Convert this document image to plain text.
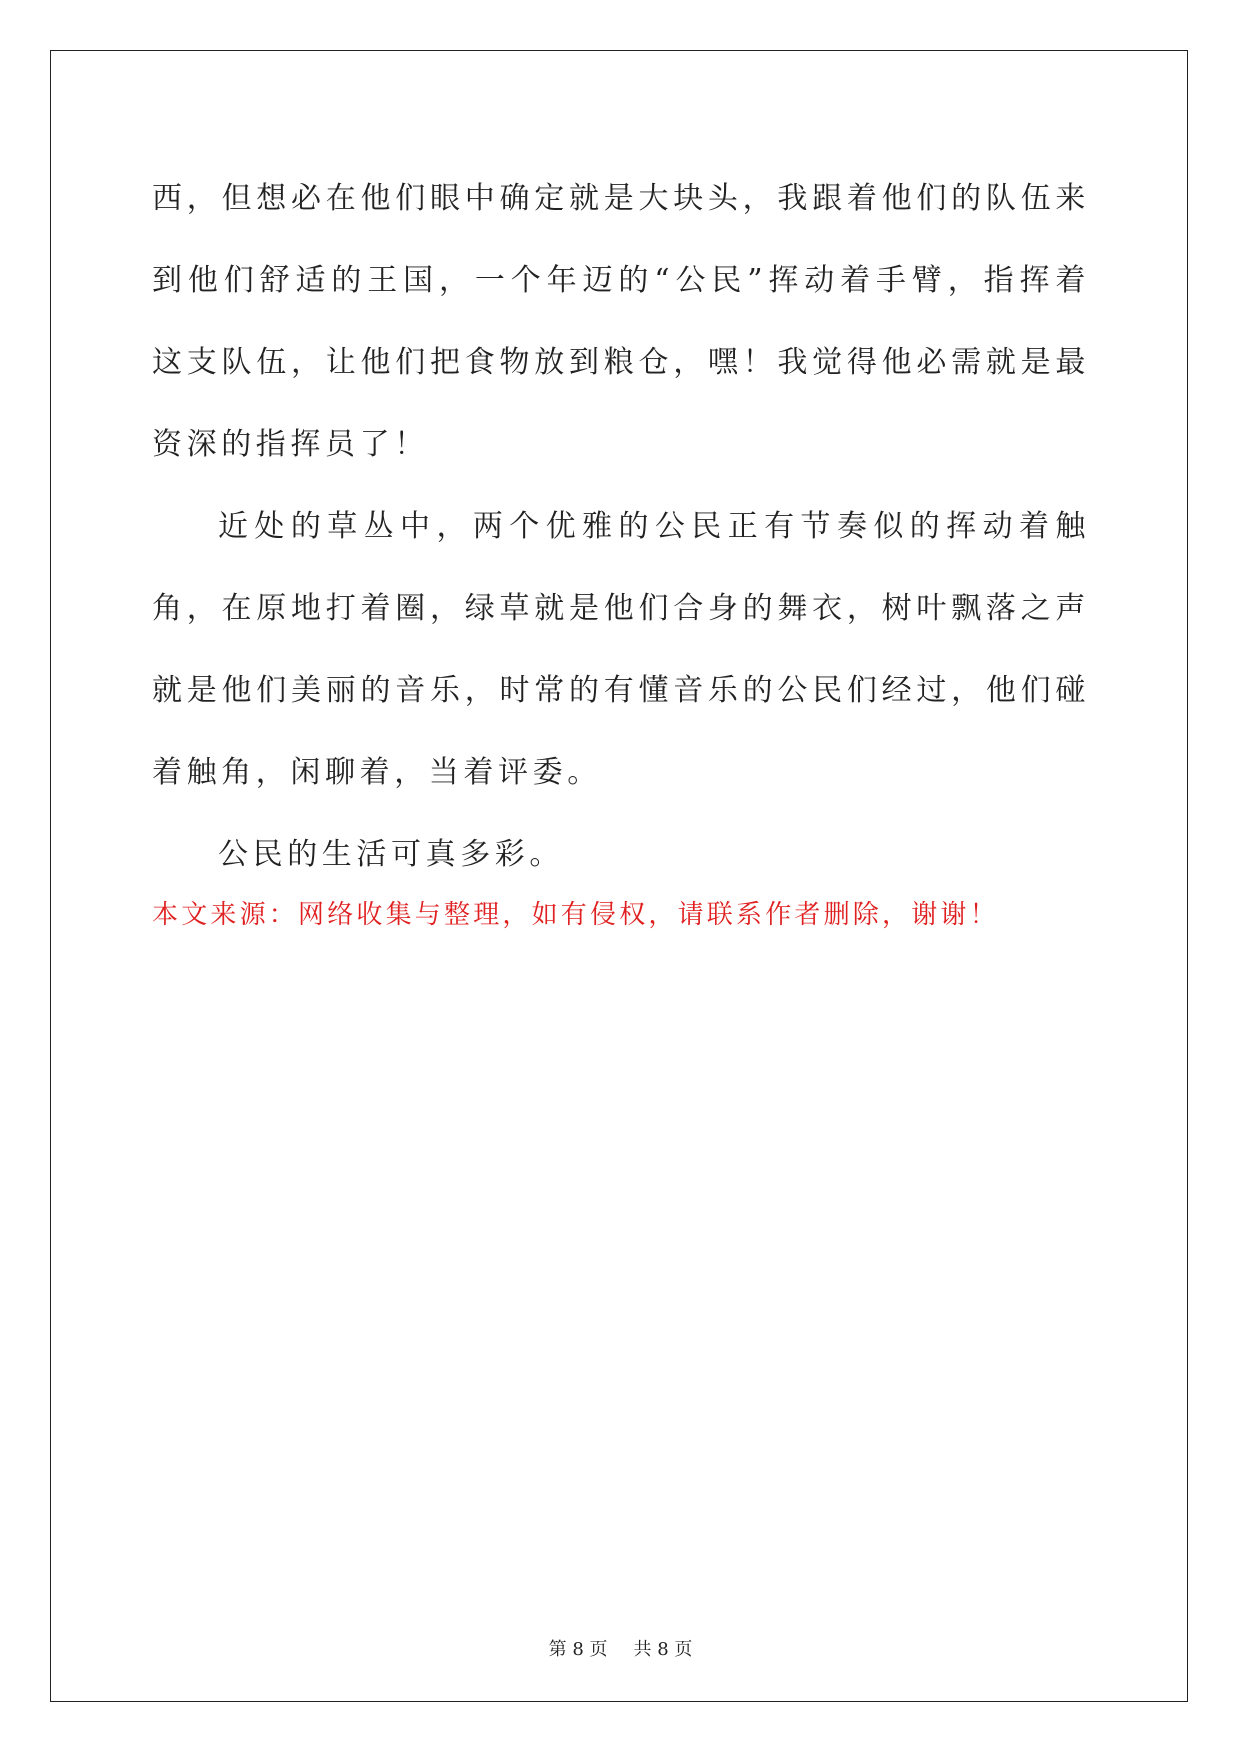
西，但想必在他们眼中确定就是大块头，我跟着他们的队伍来到他们舒适的王国，一个年迈的“公民”挥动着手臂，指挥着这支队伍，让他们把食物放到粮仓，嘿！我觉得他必需就是最资深的指挥员了！

近处的草丛中，两个优雅的公民正有节奏似的挥动着触角，在原地打着圈，绿草就是他们合身的舞衣，树叶飘落之声就是他们美丽的音乐，时常的有懂音乐的公民们经过，他们碰着触角，闲聊着，当着评委。

公民的生活可真多彩。

本文来源：网络收集与整理，如有侵权，请联系作者删除，谢谢！

第 8 页 共 8 页
